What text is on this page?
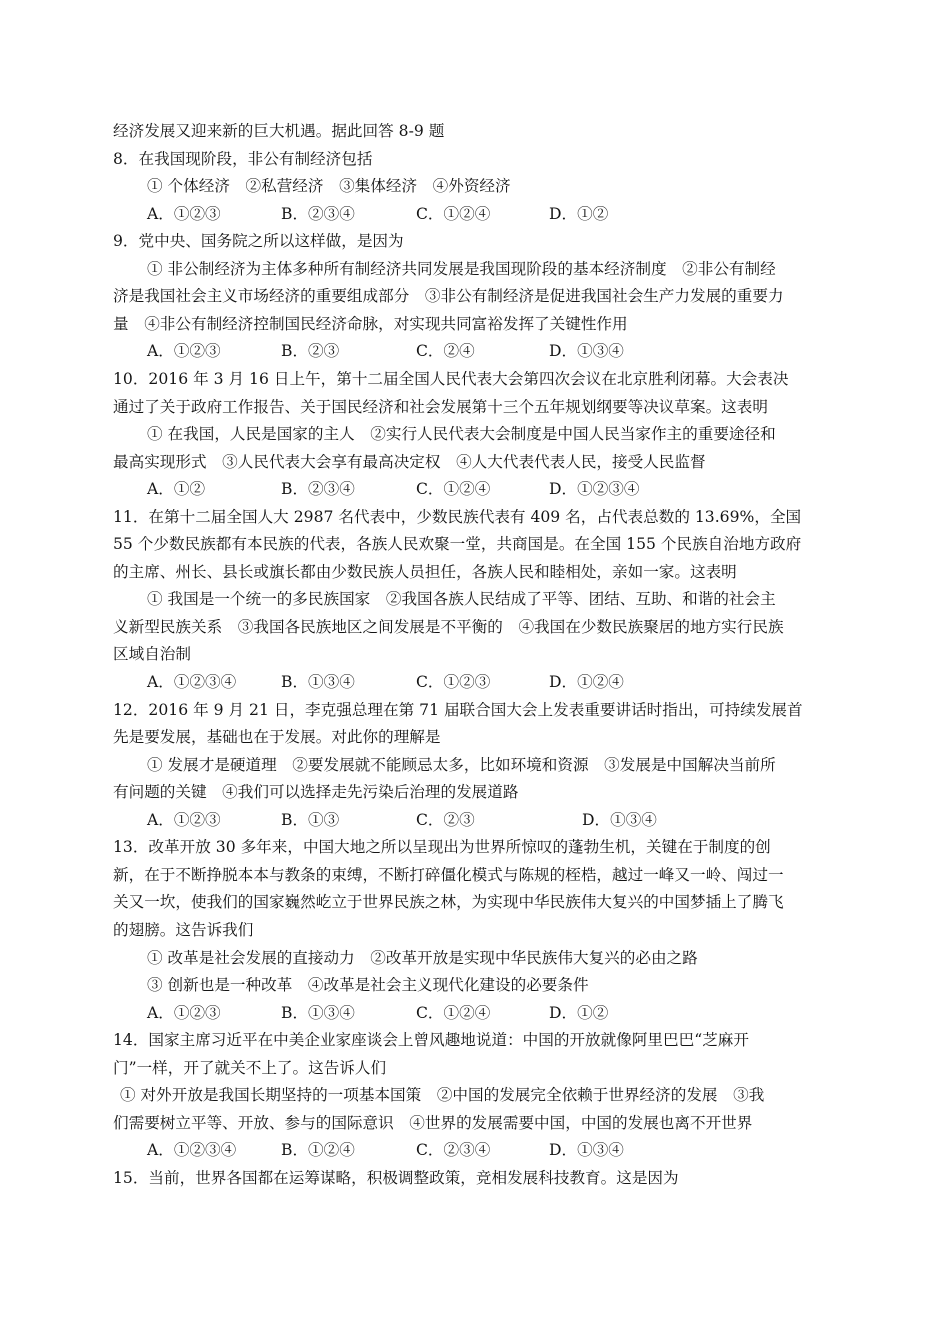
经济发展又迎来新的巨大机遇。据此回答 8-9 题
8．在我国现阶段，非公有制经济包括
① 个体经济　②私营经济　③集体经济　④外资经济
A．①②③	B．②③④	C．①②④	D．①②
9．党中央、国务院之所以这样做，是因为
① 非公制经济为主体多种所有制经济共同发展是我国现阶段的基本经济制度　②非公有制经
济是我国社会主义市场经济的重要组成部分　③非公有制经济是促进我国社会生产力发展的重要力
量　④非公有制经济控制国民经济命脉，对实现共同富裕发挥了关键性作用
A．①②③	B．②③	C．②④	D．①③④
10．2016 年 3 月 16 日上午，第十二届全国人民代表大会第四次会议在北京胜利闭幕。大会表决
通过了关于政府工作报告、关于国民经济和社会发展第十三个五年规划纲要等决议草案。这表明
① 在我国，人民是国家的主人　②实行人民代表大会制度是中国人民当家作主的重要途径和
最高实现形式　③人民代表大会享有最高决定权　④人大代表代表人民，接受人民监督
A．①②	B．②③④	C．①②④	D．①②③④
11．在第十二届全国人大 2987 名代表中，少数民族代表有 409 名，占代表总数的 13.69%，全国
55 个少数民族都有本民族的代表，各族人民欢聚一堂，共商国是。在全国 155 个民族自治地方政府
的主席、州长、县长或旗长都由少数民族人员担任，各族人民和睦相处，亲如一家。这表明
① 我国是一个统一的多民族国家　②我国各族人民结成了平等、团结、互助、和谐的社会主
义新型民族关系　③我国各民族地区之间发展是不平衡的　④我国在少数民族聚居的地方实行民族
区域自治制
A．①②③④	B．①③④	C．①②③	D．①②④
12．2016 年 9 月 21 日，李克强总理在第 71 届联合国大会上发表重要讲话时指出，可持续发展首
先是要发展，基础也在于发展。对此你的理解是
① 发展才是硬道理　②要发展就不能顾忌太多，比如环境和资源　③发展是中国解决当前所
有问题的关键　④我们可以选择走先污染后治理的发展道路
A．①②③	B．①③	C．②③	D．①③④
13．改革开放 30 多年来，中国大地之所以呈现出为世界所惊叹的蓬勃生机，关键在于制度的创
新，在于不断挣脱本本与教条的束缚，不断打碎僵化模式与陈规的桎梏，越过一峰又一岭、闯过一
关又一坎，使我们的国家巍然屹立于世界民族之林，为实现中华民族伟大复兴的中国梦插上了腾飞
的翅膀。这告诉我们
① 改革是社会发展的直接动力　②改革开放是实现中华民族伟大复兴的必由之路
③ 创新也是一种改革　④改革是社会主义现代化建设的必要条件
A．①②③	B．①③④	C．①②④	D．①②
14．国家主席习近平在中美企业家座谈会上曾风趣地说道：中国的开放就像阿里巴巴“芝麻开
门”一样，开了就关不上了。这告诉人们
① 对外开放是我国长期坚持的一项基本国策　②中国的发展完全依赖于世界经济的发展　③我
们需要树立平等、开放、参与的国际意识　④世界的发展需要中国，中国的发展也离不开世界
A．①②③④	B．①②④	C．②③④	D．①③④
15．当前，世界各国都在运筹谋略，积极调整政策，竞相发展科技教育。这是因为
